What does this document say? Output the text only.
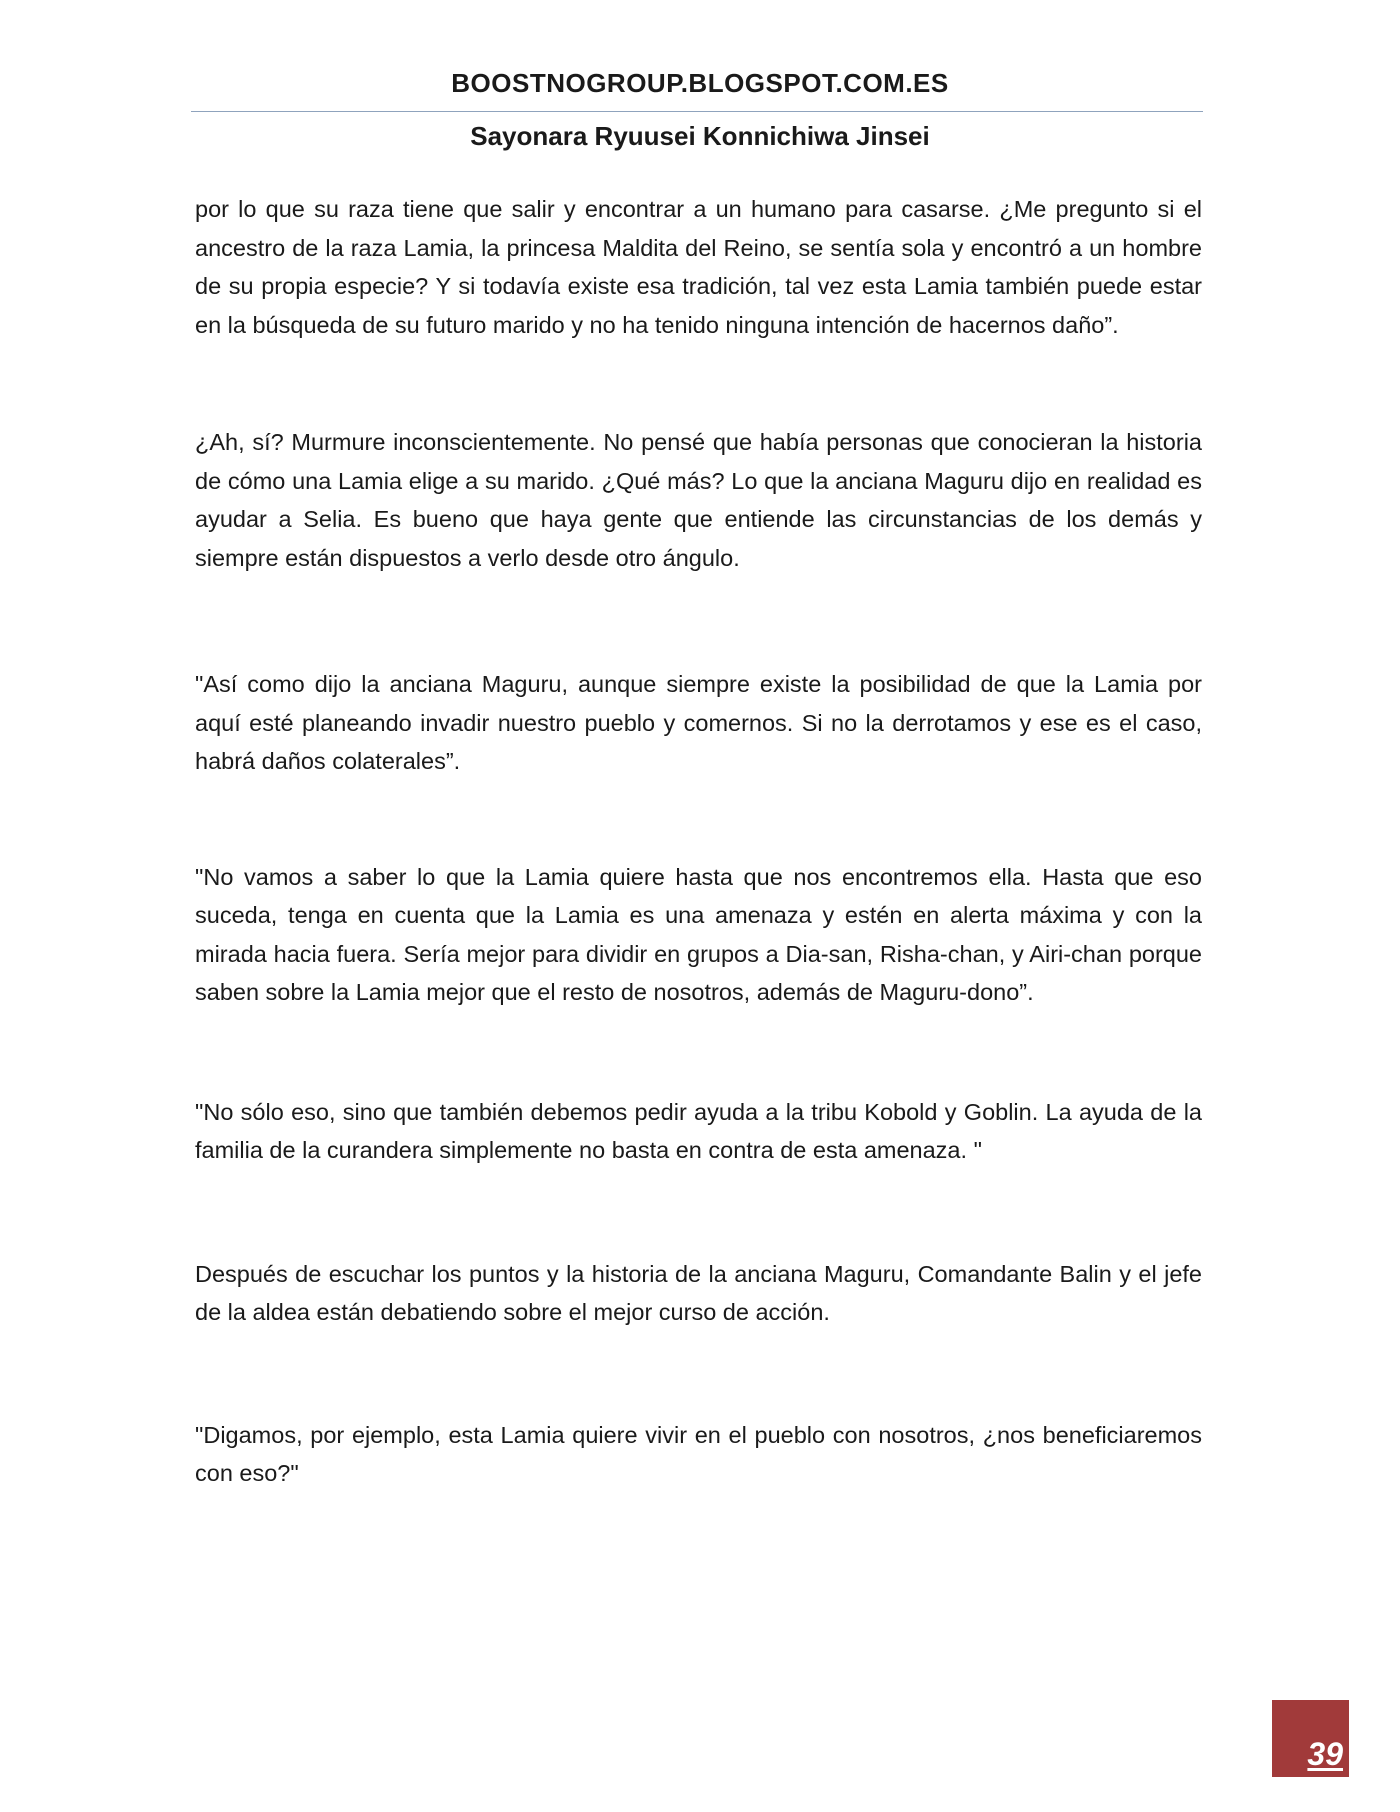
BOOSTNOGROUP.BLOGSPOT.COM.ES
Sayonara Ryuusei Konnichiwa Jinsei

por lo que su raza tiene que salir y encontrar a un humano para casarse. ¿Me pregunto si el ancestro de la raza Lamia, la princesa Maldita del Reino, se sentía sola y encontró a un hombre de su propia especie? Y si todavía existe esa tradición, tal vez esta Lamia también puede estar en la búsqueda de su futuro marido y no ha tenido ninguna intención de hacernos daño”.

¿Ah, sí? Murmure inconscientemente. No pensé que había personas que conocieran la historia de cómo una Lamia elige a su marido. ¿Qué más? Lo que la anciana Maguru dijo en realidad es ayudar a Selia. Es bueno que haya gente que entiende las circunstancias de los demás y siempre están dispuestos a verlo desde otro ángulo.

"Así como dijo la anciana Maguru, aunque siempre existe la posibilidad de que la Lamia por aquí esté planeando invadir nuestro pueblo y comernos. Si no la derrotamos y ese es el caso, habrá daños colaterales”.

"No vamos a saber lo que la Lamia quiere hasta que nos encontremos ella. Hasta que eso suceda, tenga en cuenta que la Lamia es una amenaza y estén en alerta máxima y con la mirada hacia fuera. Sería mejor para dividir en grupos a Dia-san, Risha-chan, y Airi-chan porque saben sobre la Lamia mejor que el resto de nosotros, además de Maguru-dono”.

"No sólo eso, sino que también debemos pedir ayuda a la tribu Kobold y Goblin. La ayuda de la familia de la curandera simplemente no basta en contra de esta amenaza. "

Después de escuchar los puntos y la historia de la anciana Maguru, Comandante Balin y el jefe de la aldea están debatiendo sobre el mejor curso de acción.

"Digamos, por ejemplo, esta Lamia quiere vivir en el pueblo con nosotros, ¿nos beneficiaremos con eso?"

39
